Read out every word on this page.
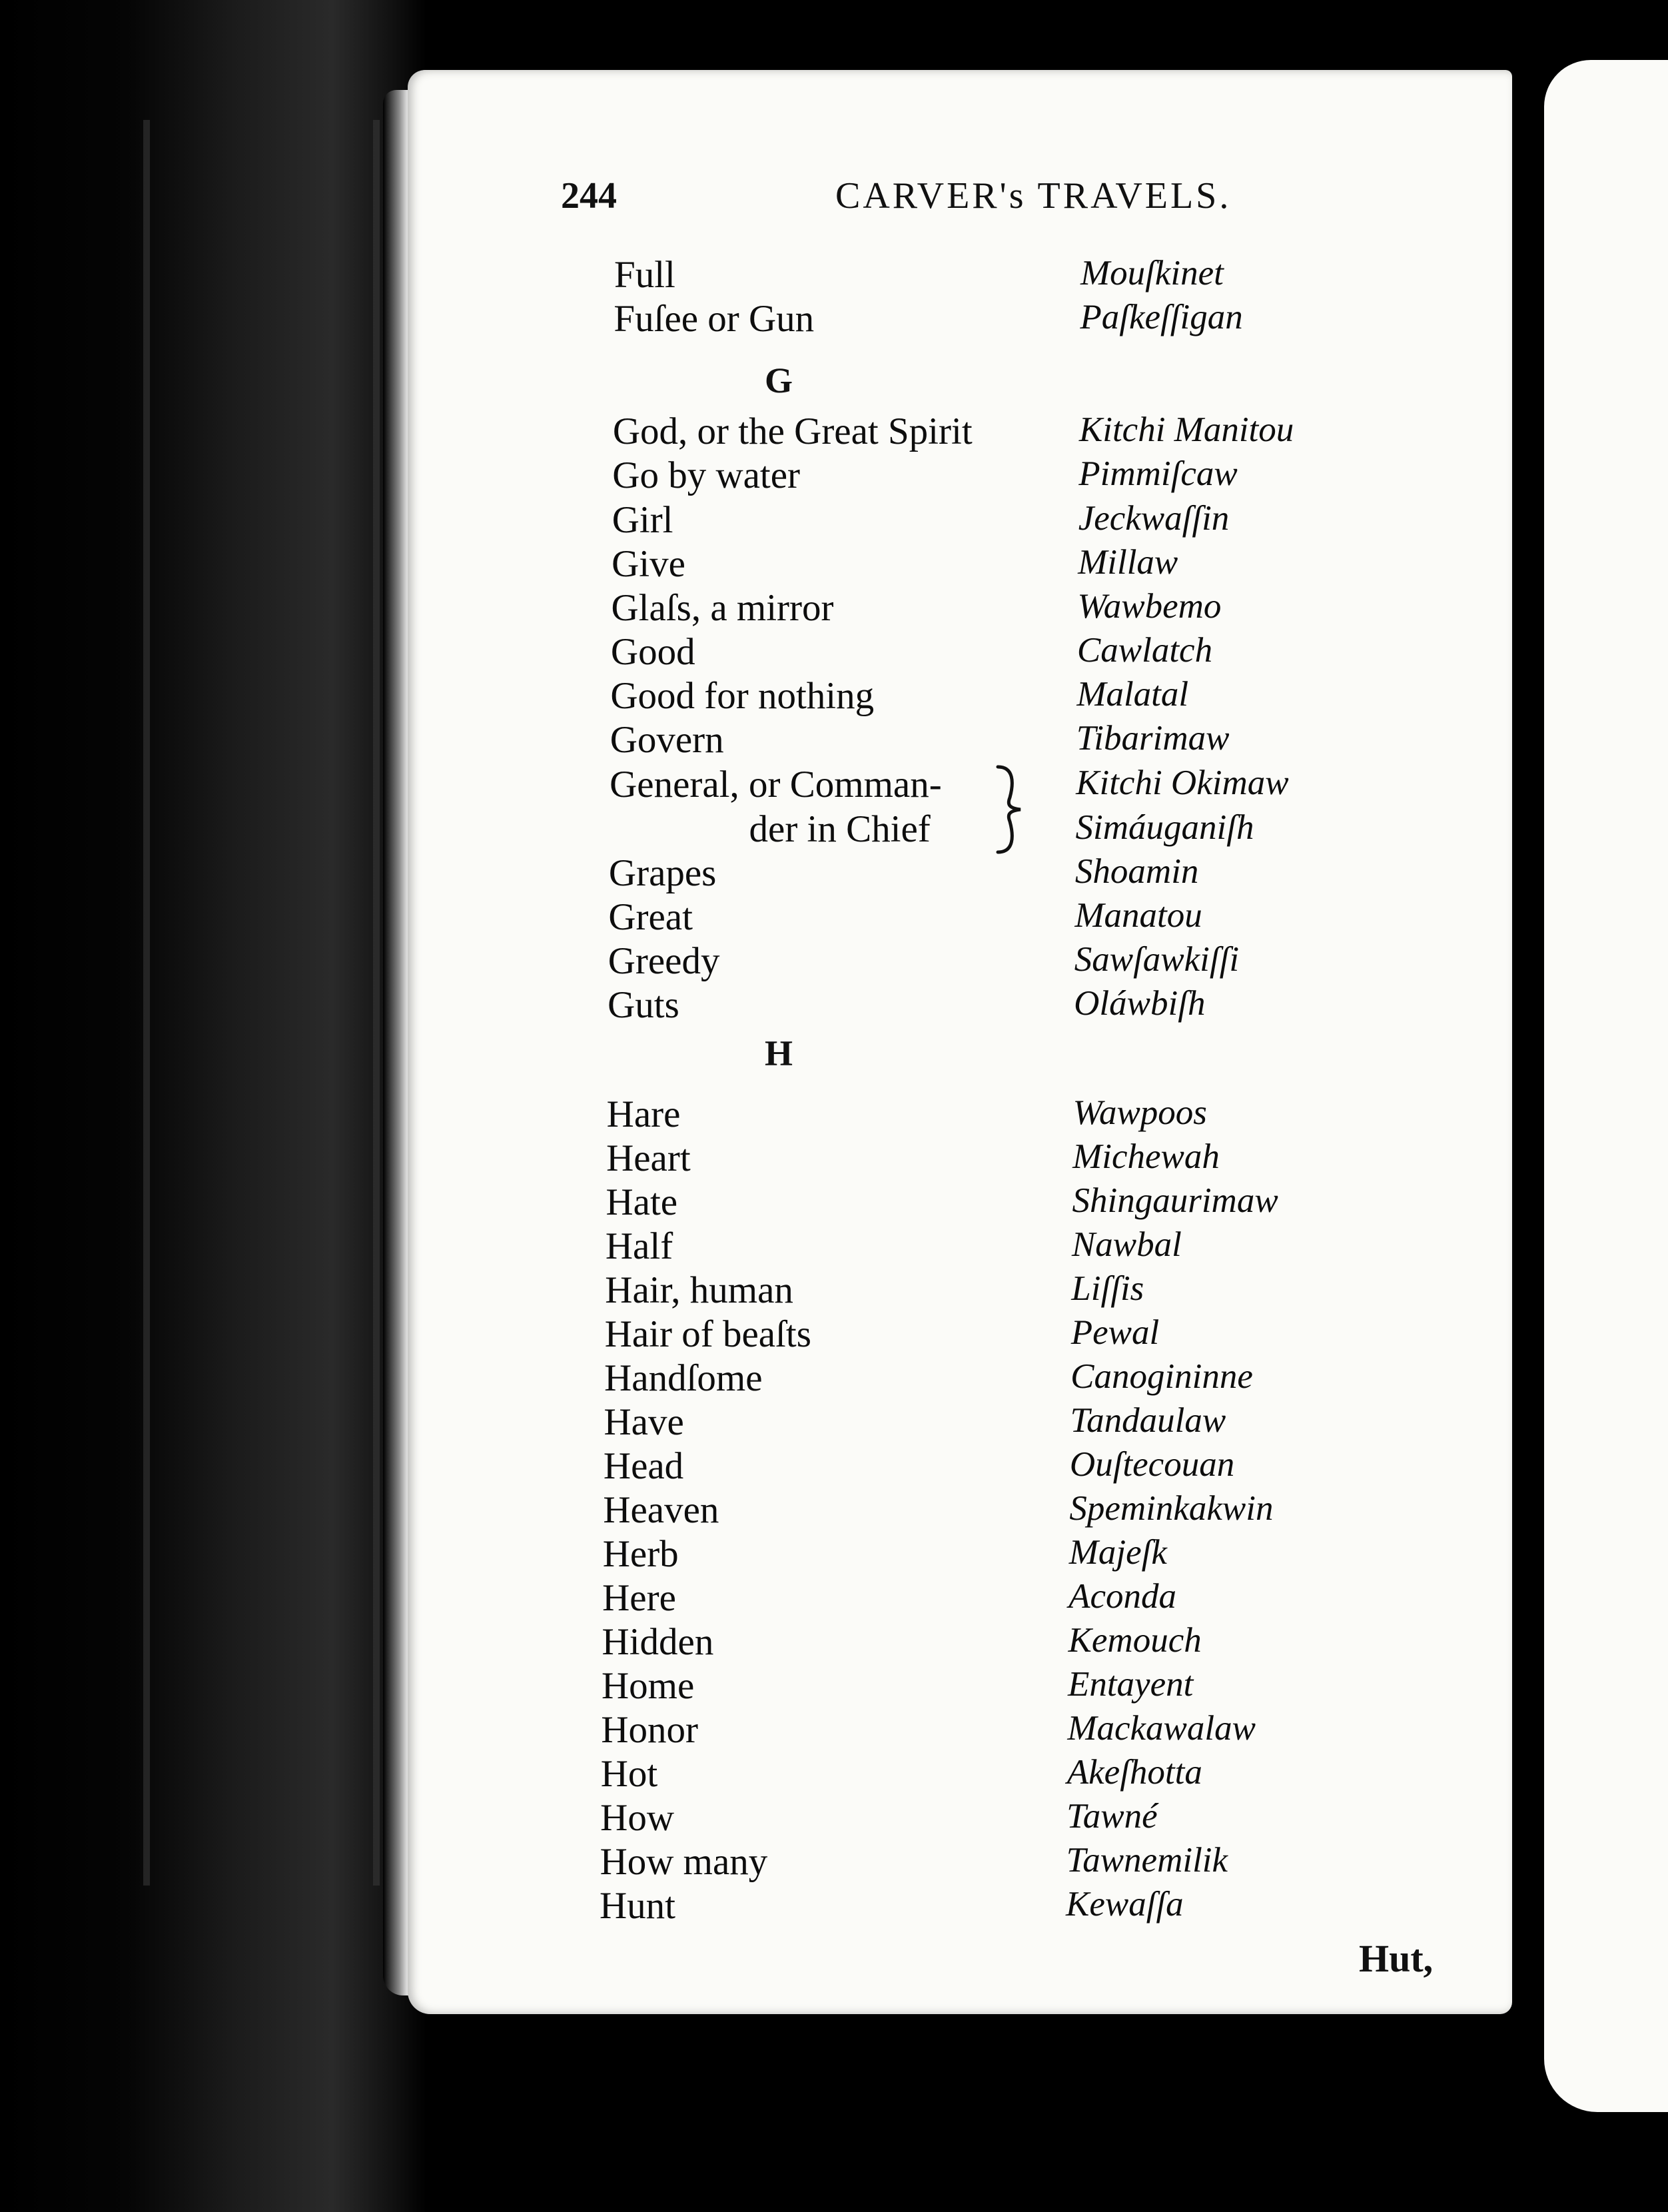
244	CARVER's TRAVELS.
Full	Mouſkinet
Fuſee or Gun	Paſkeſſigan
G
God, or the Great Spirit	Kitchi Manitou
Go by water	Pimmiſcaw
Girl	Jeckwaſſin
Give	Millaw
Glaſs, a mirror	Wawbemo
Good	Cawlatch
Good for nothing	Malatal
Govern	Tibarimaw
General, or Comman-	Kitchi Okimaw
der in Chief	Simáuganiſh
Grapes	Shoamin
Great	Manatou
Greedy	Sawſawkiſſi
Guts	Oláwbiſh
H
Hare	Wawpoos
Heart	Michewah
Hate	Shingaurimaw
Half	Nawbal
Hair, human	Liſſis
Hair of beaſts	Pewal
Handſome	Canogininne
Have	Tandaulaw
Head	Ouſtecouan
Heaven	Speminkakwin
Herb	Majeſk
Here	Aconda
Hidden	Kemouch
Home	Entayent
Honor	Mackawalaw
Hot	Akeſhotta
How	Tawné
How many	Tawnemilik
Hunt	Kewaſſa
Hut,
